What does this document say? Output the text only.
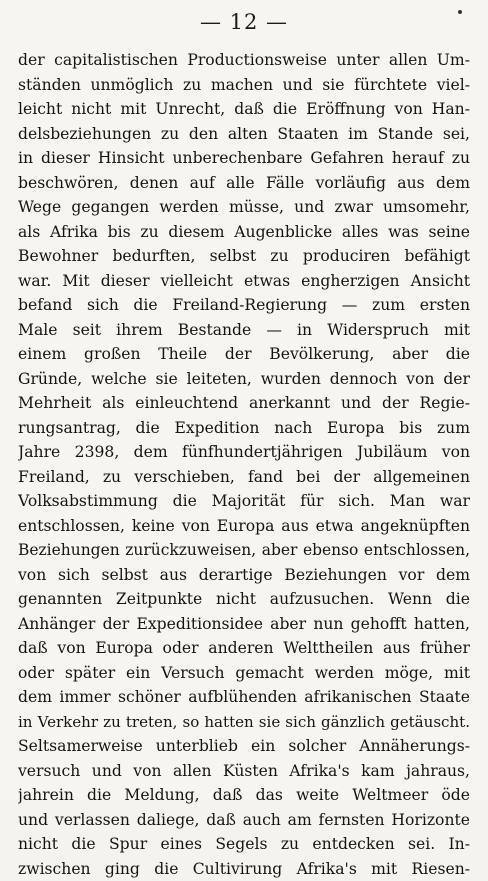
— 12 —
der capitalistischen Productionsweise unter allen Um-
ständen unmöglich zu machen und sie fürchtete viel-
leicht nicht mit Unrecht, daß die Eröffnung von Han-
delsbeziehungen zu den alten Staaten im Stande sei,
in dieser Hinsicht unberechenbare Gefahren herauf zu
beschwören, denen auf alle Fälle vorläufig aus dem
Wege gegangen werden müsse, und zwar umsomehr,
als Afrika bis zu diesem Augenblicke alles was seine
Bewohner bedurften, selbst zu produciren befähigt
war. Mit dieser vielleicht etwas engherzigen Ansicht
befand sich die Freiland-Regierung — zum ersten
Male seit ihrem Bestande — in Widerspruch mit
einem großen Theile der Bevölkerung, aber die
Gründe, welche sie leiteten, wurden dennoch von der
Mehrheit als einleuchtend anerkannt und der Regie-
rungsantrag, die Expedition nach Europa bis zum
Jahre 2398, dem fünfhundertjährigen Jubiläum von
Freiland, zu verschieben, fand bei der allgemeinen
Volksabstimmung die Majorität für sich. Man war
entschlossen, keine von Europa aus etwa angeknüpften
Beziehungen zurückzuweisen, aber ebenso entschlossen,
von sich selbst aus derartige Beziehungen vor dem
genannten Zeitpunkte nicht aufzusuchen. Wenn die
Anhänger der Expeditionsidee aber nun gehofft hatten,
daß von Europa oder anderen Welttheilen aus früher
oder später ein Versuch gemacht werden möge, mit
dem immer schöner aufblühenden afrikanischen Staate
in Verkehr zu treten, so hatten sie sich gänzlich getäuscht.
Seltsamerweise unterblieb ein solcher Annäherungs-
versuch und von allen Küsten Afrika's kam jahraus,
jahrein die Meldung, daß das weite Weltmeer öde
und verlassen daliege, daß auch am fernsten Horizonte
nicht die Spur eines Segels zu entdecken sei. In-
zwischen ging die Cultivirung Afrika's mit Riesen-
